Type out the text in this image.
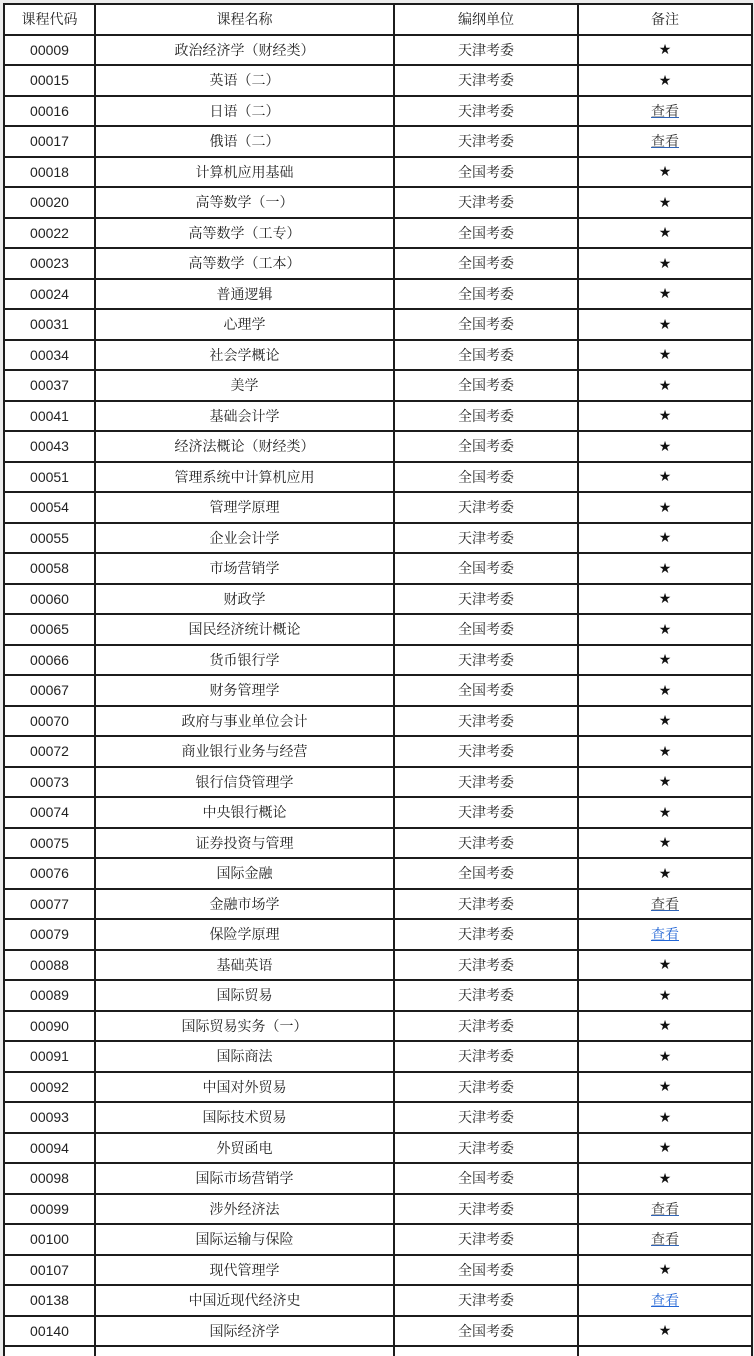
课程代码	课程名称	编纲单位	备注
00009	政治经济学（财经类）	天津考委	★
00015	英语（二）	天津考委	★
00016	日语（二）	天津考委	查看
00017	俄语（二）	天津考委	查看
00018	计算机应用基础	全国考委	★
00020	高等数学（一）	天津考委	★
00022	高等数学（工专）	全国考委	★
00023	高等数学（工本）	全国考委	★
00024	普通逻辑	全国考委	★
00031	心理学	全国考委	★
00034	社会学概论	全国考委	★
00037	美学	全国考委	★
00041	基础会计学	全国考委	★
00043	经济法概论（财经类）	全国考委	★
00051	管理系统中计算机应用	全国考委	★
00054	管理学原理	天津考委	★
00055	企业会计学	天津考委	★
00058	市场营销学	全国考委	★
00060	财政学	天津考委	★
00065	国民经济统计概论	全国考委	★
00066	货币银行学	天津考委	★
00067	财务管理学	全国考委	★
00070	政府与事业单位会计	天津考委	★
00072	商业银行业务与经营	天津考委	★
00073	银行信贷管理学	天津考委	★
00074	中央银行概论	天津考委	★
00075	证券投资与管理	天津考委	★
00076	国际金融	全国考委	★
00077	金融市场学	天津考委	查看
00079	保险学原理	天津考委	查看
00088	基础英语	天津考委	★
00089	国际贸易	天津考委	★
00090	国际贸易实务（一）	天津考委	★
00091	国际商法	天津考委	★
00092	中国对外贸易	天津考委	★
00093	国际技术贸易	天津考委	★
00094	外贸函电	天津考委	★
00098	国际市场营销学	全国考委	★
00099	涉外经济法	天津考委	查看
00100	国际运输与保险	天津考委	查看
00107	现代管理学	全国考委	★
00138	中国近现代经济史	天津考委	查看
00140	国际经济学	全国考委	★
